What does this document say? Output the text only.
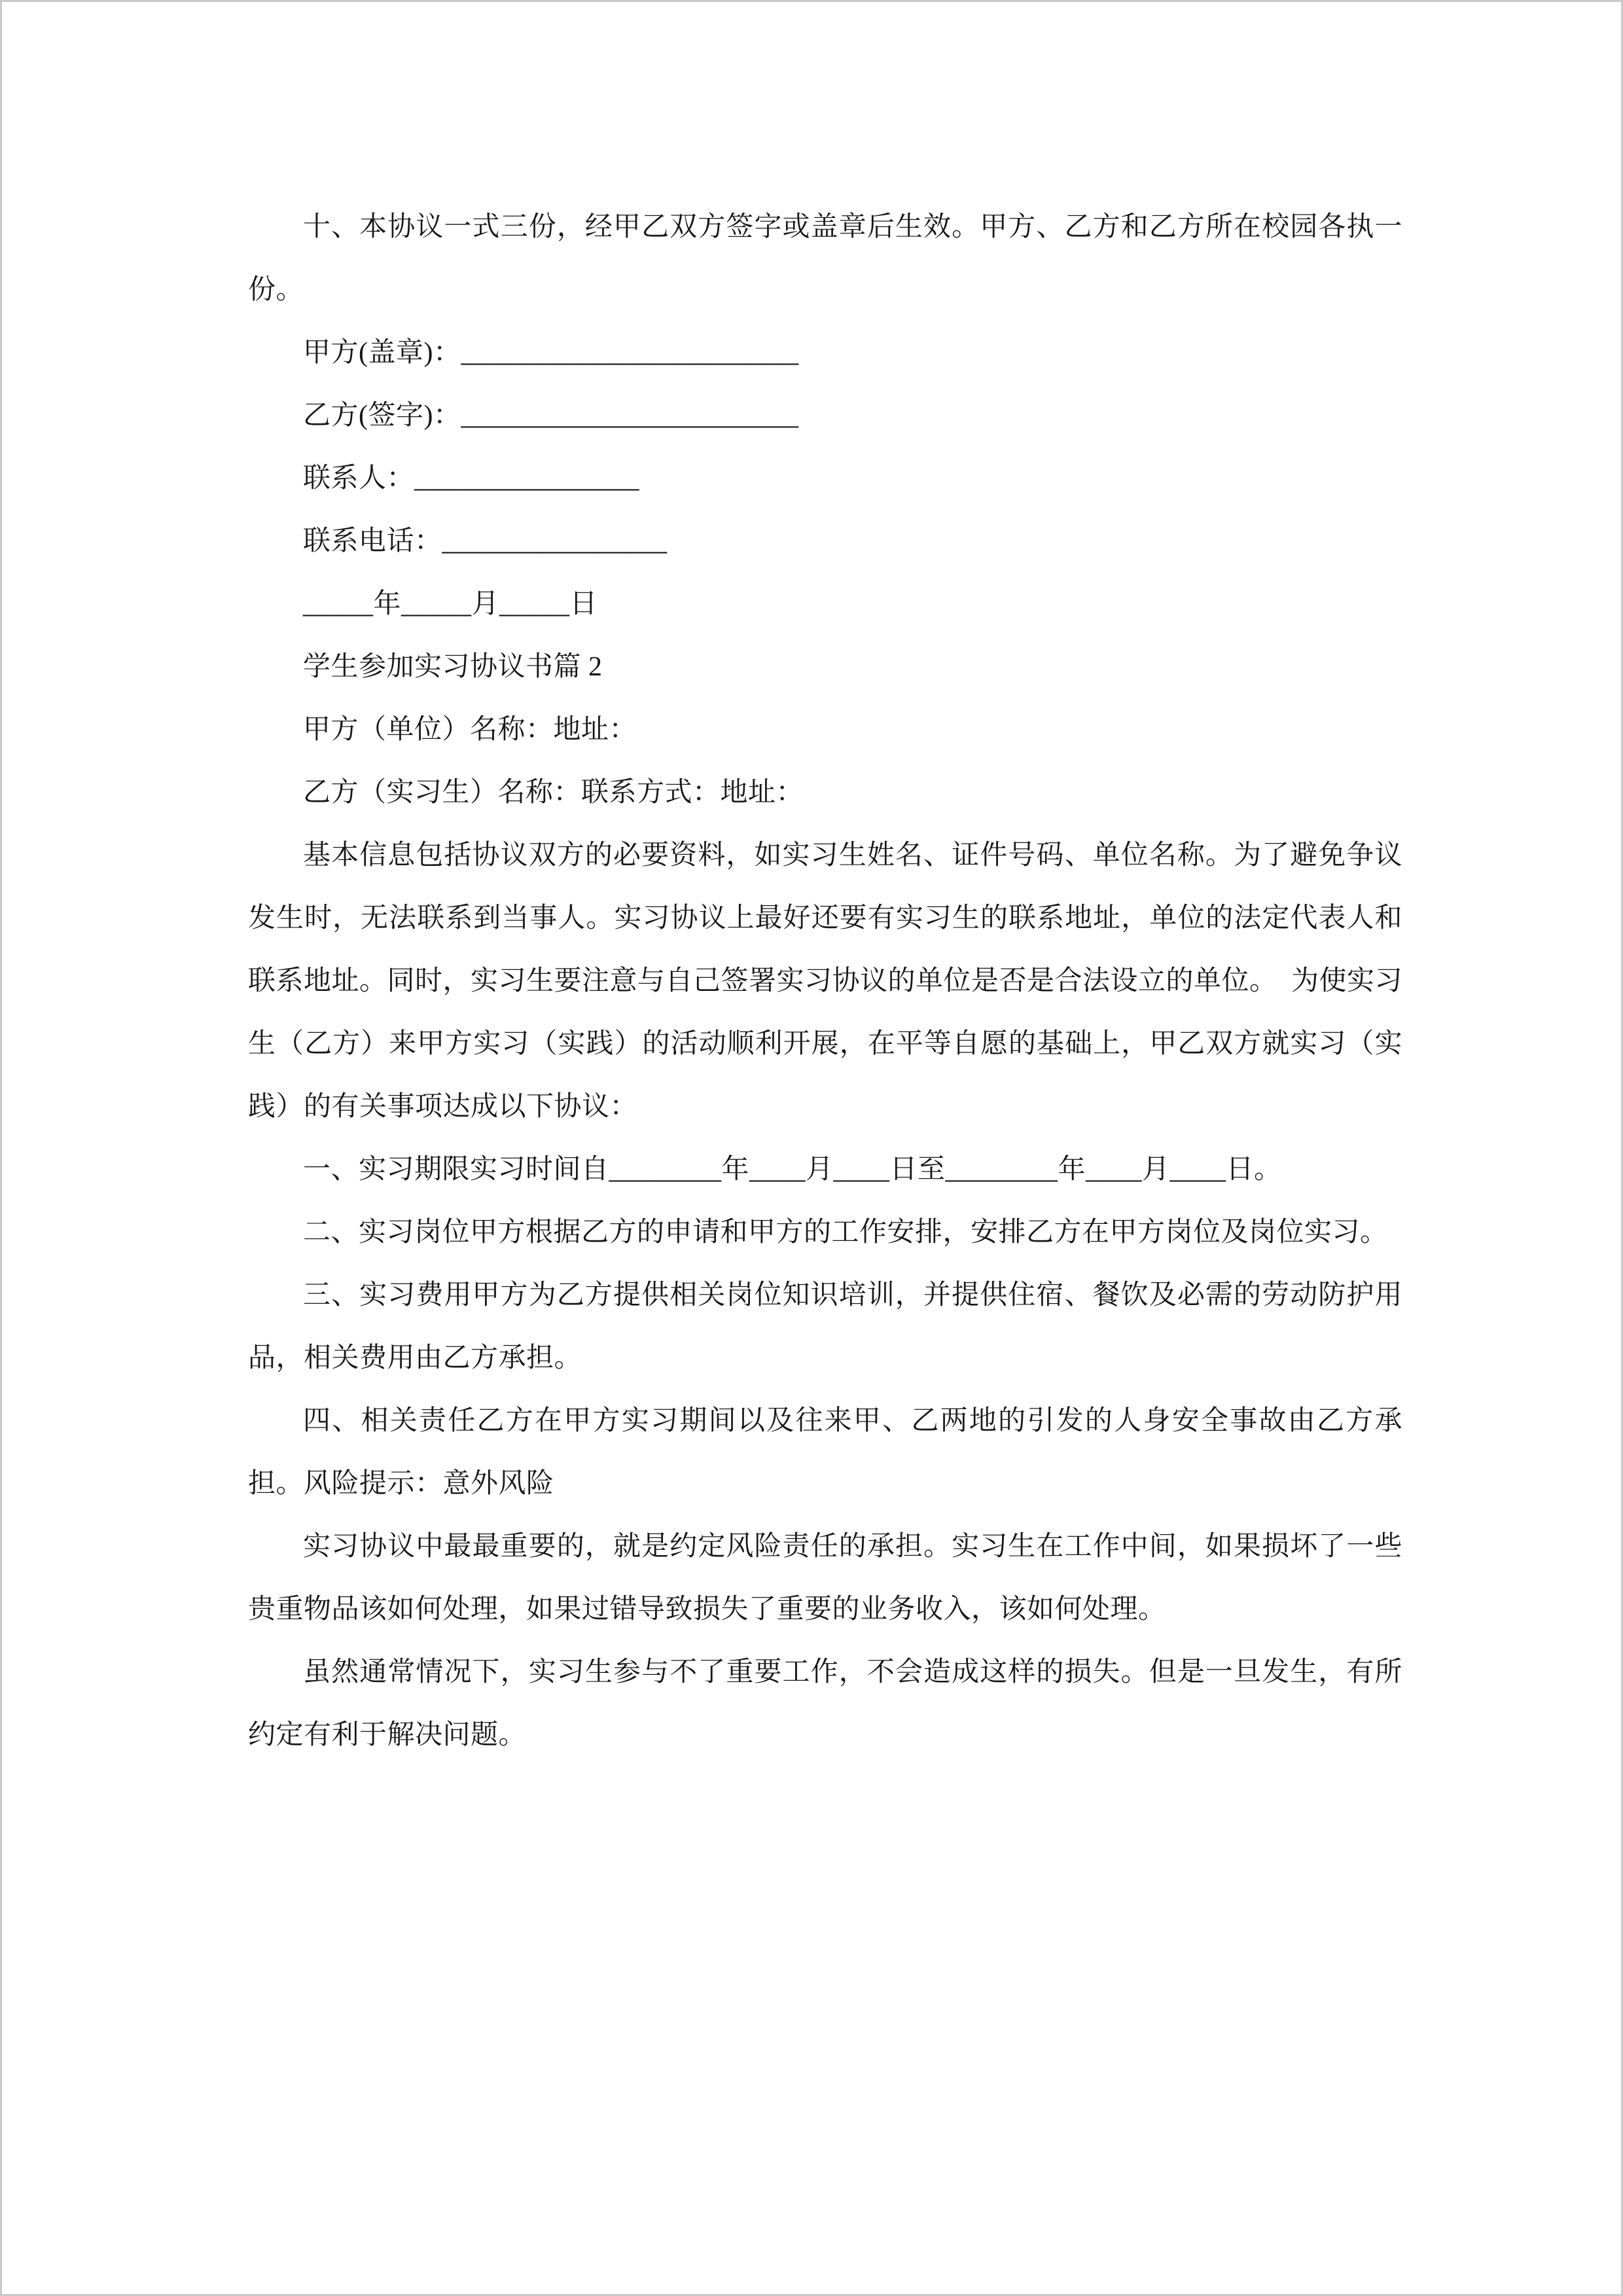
十、本协议一式三份，经甲乙双方签字或盖章后生效。甲方、乙方和乙方所在校园各执一份。

甲方(盖章)：________________________

乙方(签字)：________________________

联系人：________________

联系电话：________________

_____年_____月_____日

学生参加实习协议书篇 2

甲方（单位）名称：地址：

乙方（实习生）名称：联系方式：地址：

基本信息包括协议双方的必要资料，如实习生姓名、证件号码、单位名称。为了避免争议发生时，无法联系到当事人。实习协议上最好还要有实习生的联系地址，单位的法定代表人和联系地址。同时，实习生要注意与自己签署实习协议的单位是否是合法设立的单位。　为使实习生（乙方）来甲方实习（实践）的活动顺利开展，在平等自愿的基础上，甲乙双方就实习（实践）的有关事项达成以下协议：

一、实习期限实习时间自________年____月____日至________年____月____日。

二、实习岗位甲方根据乙方的申请和甲方的工作安排，安排乙方在甲方岗位及岗位实习。

三、实习费用甲方为乙方提供相关岗位知识培训，并提供住宿、餐饮及必需的劳动防护用品，相关费用由乙方承担。

四、相关责任乙方在甲方实习期间以及往来甲、乙两地的引发的人身安全事故由乙方承担。风险提示：意外风险

实习协议中最最重要的，就是约定风险责任的承担。实习生在工作中间，如果损坏了一些贵重物品该如何处理，如果过错导致损失了重要的业务收入，该如何处理。

虽然通常情况下，实习生参与不了重要工作，不会造成这样的损失。但是一旦发生，有所约定有利于解决问题。
